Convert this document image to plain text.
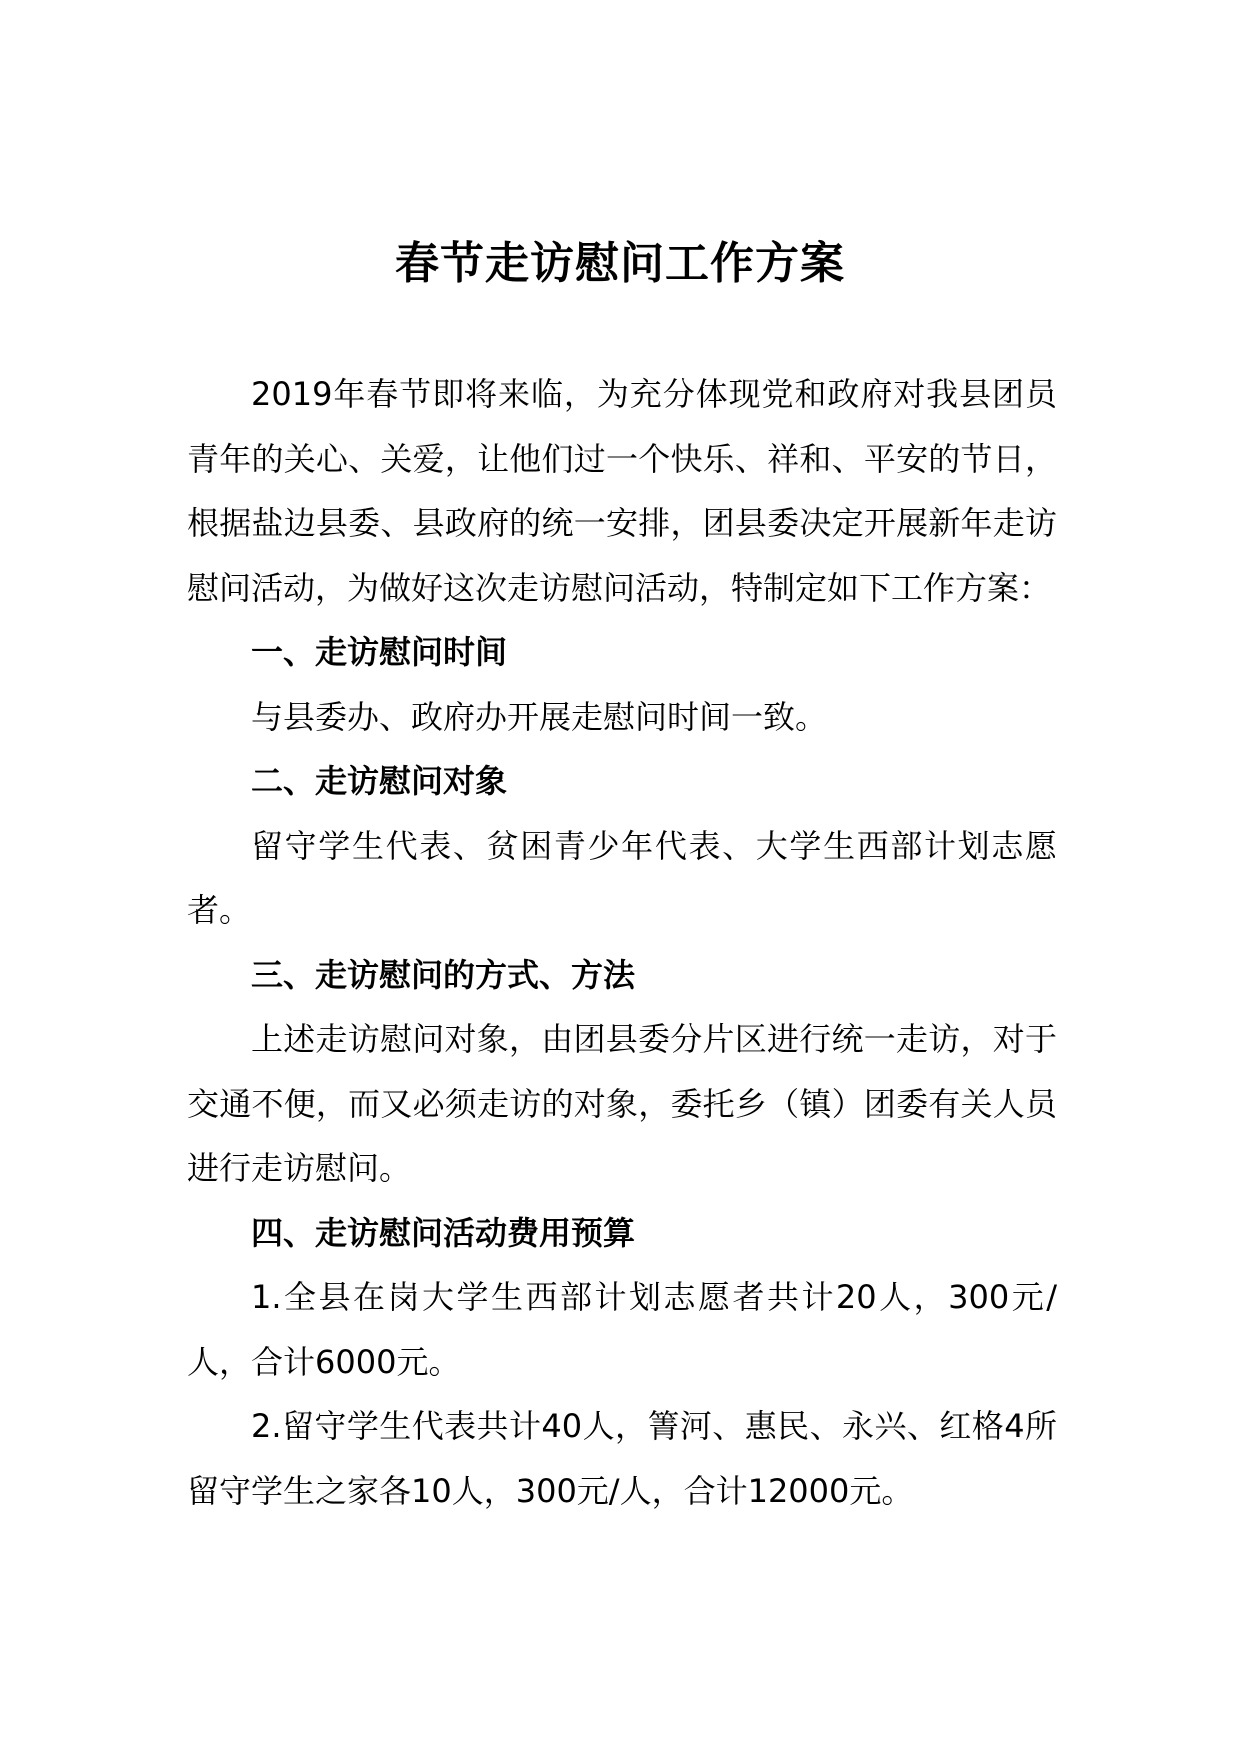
春节走访慰问工作方案

2019年春节即将来临，为充分体现党和政府对我县团员青年的关心、关爱，让他们过一个快乐、祥和、平安的节日，根据盐边县委、县政府的统一安排，团县委决定开展新年走访慰问活动，为做好这次走访慰问活动，特制定如下工作方案：

一、走访慰问时间

与县委办、政府办开展走慰问时间一致。

二、走访慰问对象

留守学生代表、贫困青少年代表、大学生西部计划志愿者。

三、走访慰问的方式、方法

上述走访慰问对象，由团县委分片区进行统一走访，对于交通不便，而又必须走访的对象，委托乡（镇）团委有关人员进行走访慰问。

四、走访慰问活动费用预算

1.全县在岗大学生西部计划志愿者共计20人，300元/人，合计6000元。

2.留守学生代表共计40人，箐河、惠民、永兴、红格4所留守学生之家各10人，300元/人，合计12000元。
